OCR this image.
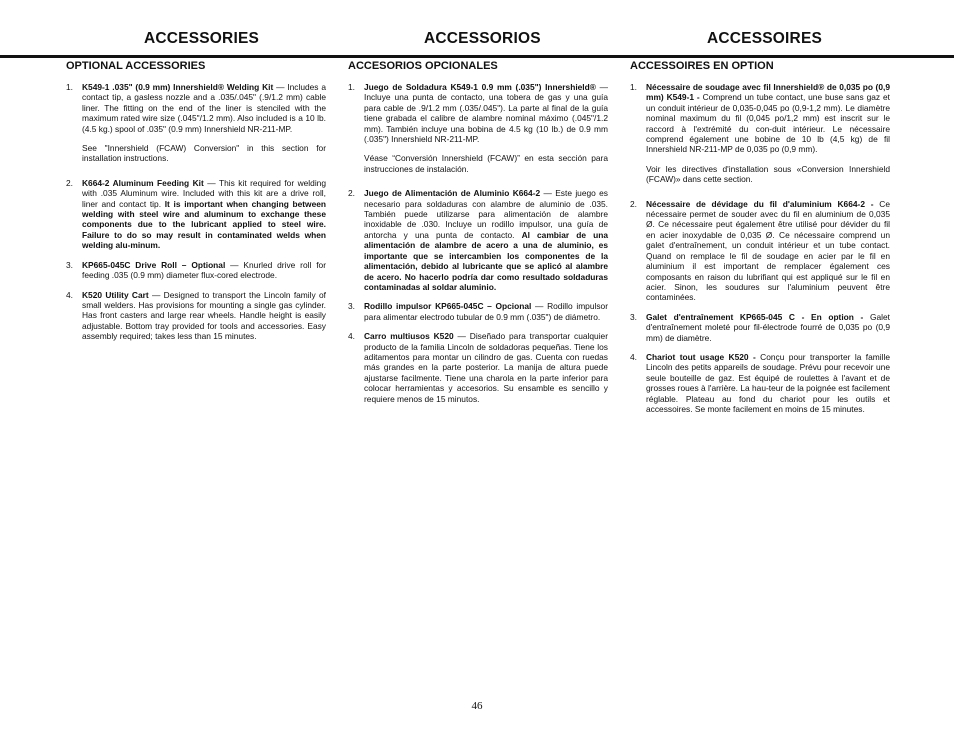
ACCESSORIES	ACCESSORIOS	ACCESSOIRES
OPTIONAL ACCESSORIES
1. K549-1 .035" (0.9 mm) Innershield® Welding Kit — Includes a contact tip, a gasless nozzle and a .035/.045" (.9/1.2 mm) cable liner. The fitting on the end of the liner is stenciled with the maximum rated wire size (.045"/1.2 mm). Also included is a 10 lb. (4.5 kg.) spool of .035" (0.9 mm) Innershield NR-211-MP.
See "Innershield (FCAW) Conversion" in this section for installation instructions.
2. K664-2 Aluminum Feeding Kit — This kit required for welding with .035 Aluminum wire. Included with this kit are a drive roll, liner and contact tip. It is important when changing between welding with steel wire and aluminum to exchange these components due to the lubricant applied to steel wire. Failure to do so may result in contaminated welds when welding alu-minum.
3. KP665-045C Drive Roll – Optional — Knurled drive roll for feeding .035 (0.9 mm) diameter flux-cored electrode.
4. K520 Utility Cart — Designed to transport the Lincoln family of small welders. Has provisions for mounting a single gas cylinder. Has front casters and large rear wheels. Handle height is easily adjustable. Bottom tray provided for tools and accessories. Easy assembly required; takes less than 15 minutes.
ACCESORIOS OPCIONALES
1. Juego de Soldadura K549-1 0.9 mm (.035") Innershield® — Incluye una punta de contacto, una tobera de gas y una guía para cable de .9/1.2 mm (.035/.045"). La parte al final de la guía tiene grabada el calibre de alambre nominal máximo (.045"/1.2 mm). También incluye una bobina de 4.5 kg (10 lb.) de 0.9 mm (.035") Innershield NR-211-MP.
Véase “Conversión Innershield (FCAW)” en esta sección para instrucciones de instalación.
2. Juego de Alimentación de Aluminio K664-2 — Este juego es necesario para soldaduras con alambre de aluminio de .035. También puede utilizarse para alimentación de alambre inoxidable de .030. Incluye un rodillo impulsor, una guía de antorcha y una punta de contacto. Al cambiar de una alimentación de alambre de acero a una de aluminio, es importante que se intercambien los componentes de la alimentación, debido al lubricante que se aplicó al alambre de acero. No hacerlo podría dar como resultado soldaduras contaminadas al soldar aluminio.
3. Rodillo impulsor KP665-045C – Opcional — Rodillo impulsor para alimentar electrodo tubular de 0.9 mm (.035") de diámetro.
4. Carro multiusos K520 — Diseñado para transportar cualquier producto de la familia Lincoln de soldadoras pequeñas. Tiene los aditamentos para montar un cilindro de gas. Cuenta con ruedas más grandes en la parte posterior. La manija de altura puede ajustarse facilmente. Tiene una charola en la parte inferior para colocar herramientas y accesorios. Su ensamble es sencillo y requiere menos de 15 minutos.
ACCESSOIRES EN OPTION
1. Nécessaire de soudage avec fil Innershield® de 0,035 po (0,9 mm) K549-1 - Comprend un tube contact, une buse sans gaz et un conduit intérieur de 0,035-0,045 po (0,9-1,2 mm). Le diamètre nominal maximum du fil (0,045 po/1,2 mm) est inscrit sur le raccord à l'extrémité du con-duit intérieur. Le nécessaire comprend également une bobine de 10 lb (4,5 kg) de fil Innershield NR-211-MP de 0,035 po (0,9 mm).
Voir les directives d'installation sous «Conversion Innershield (FCAW)» dans cette section.
2. Nécessaire de dévidage du fil d'aluminium K664-2 - Ce nécessaire permet de souder avec du fil en aluminium de 0,035 Ø. Ce nécessaire peut également être utilisé pour dévider du fil en acier inoxydable de 0,035 Ø. Ce nécessaire comprend un galet d'entraînement, un conduit intérieur et un tube contact. Quand on remplace le fil de soudage en acier par le fil en aluminium il est important de remplacer également ces composants en raison du lubrifiant qui est appliqué sur le fil en acier. Sinon, les soudures sur l'aluminium peuvent être contaminées.
3. Galet d'entraînement KP665-045 C - En option - Galet d'entraînement moleté pour fil-électrode fourré de 0,035 po (0,9 mm) de diamètre.
4. Chariot tout usage K520 - Conçu pour transporter la famille Lincoln des petits appareils de soudage. Prévu pour recevoir une seule bouteille de gaz. Est équipé de roulettes à l'avant et de grosses roues à l'arrière. La hau-teur de la poignée est facilement réglable. Plateau au fond du chariot pour les outils et accessoires. Se monte facilement en moins de 15 minutes.
46
